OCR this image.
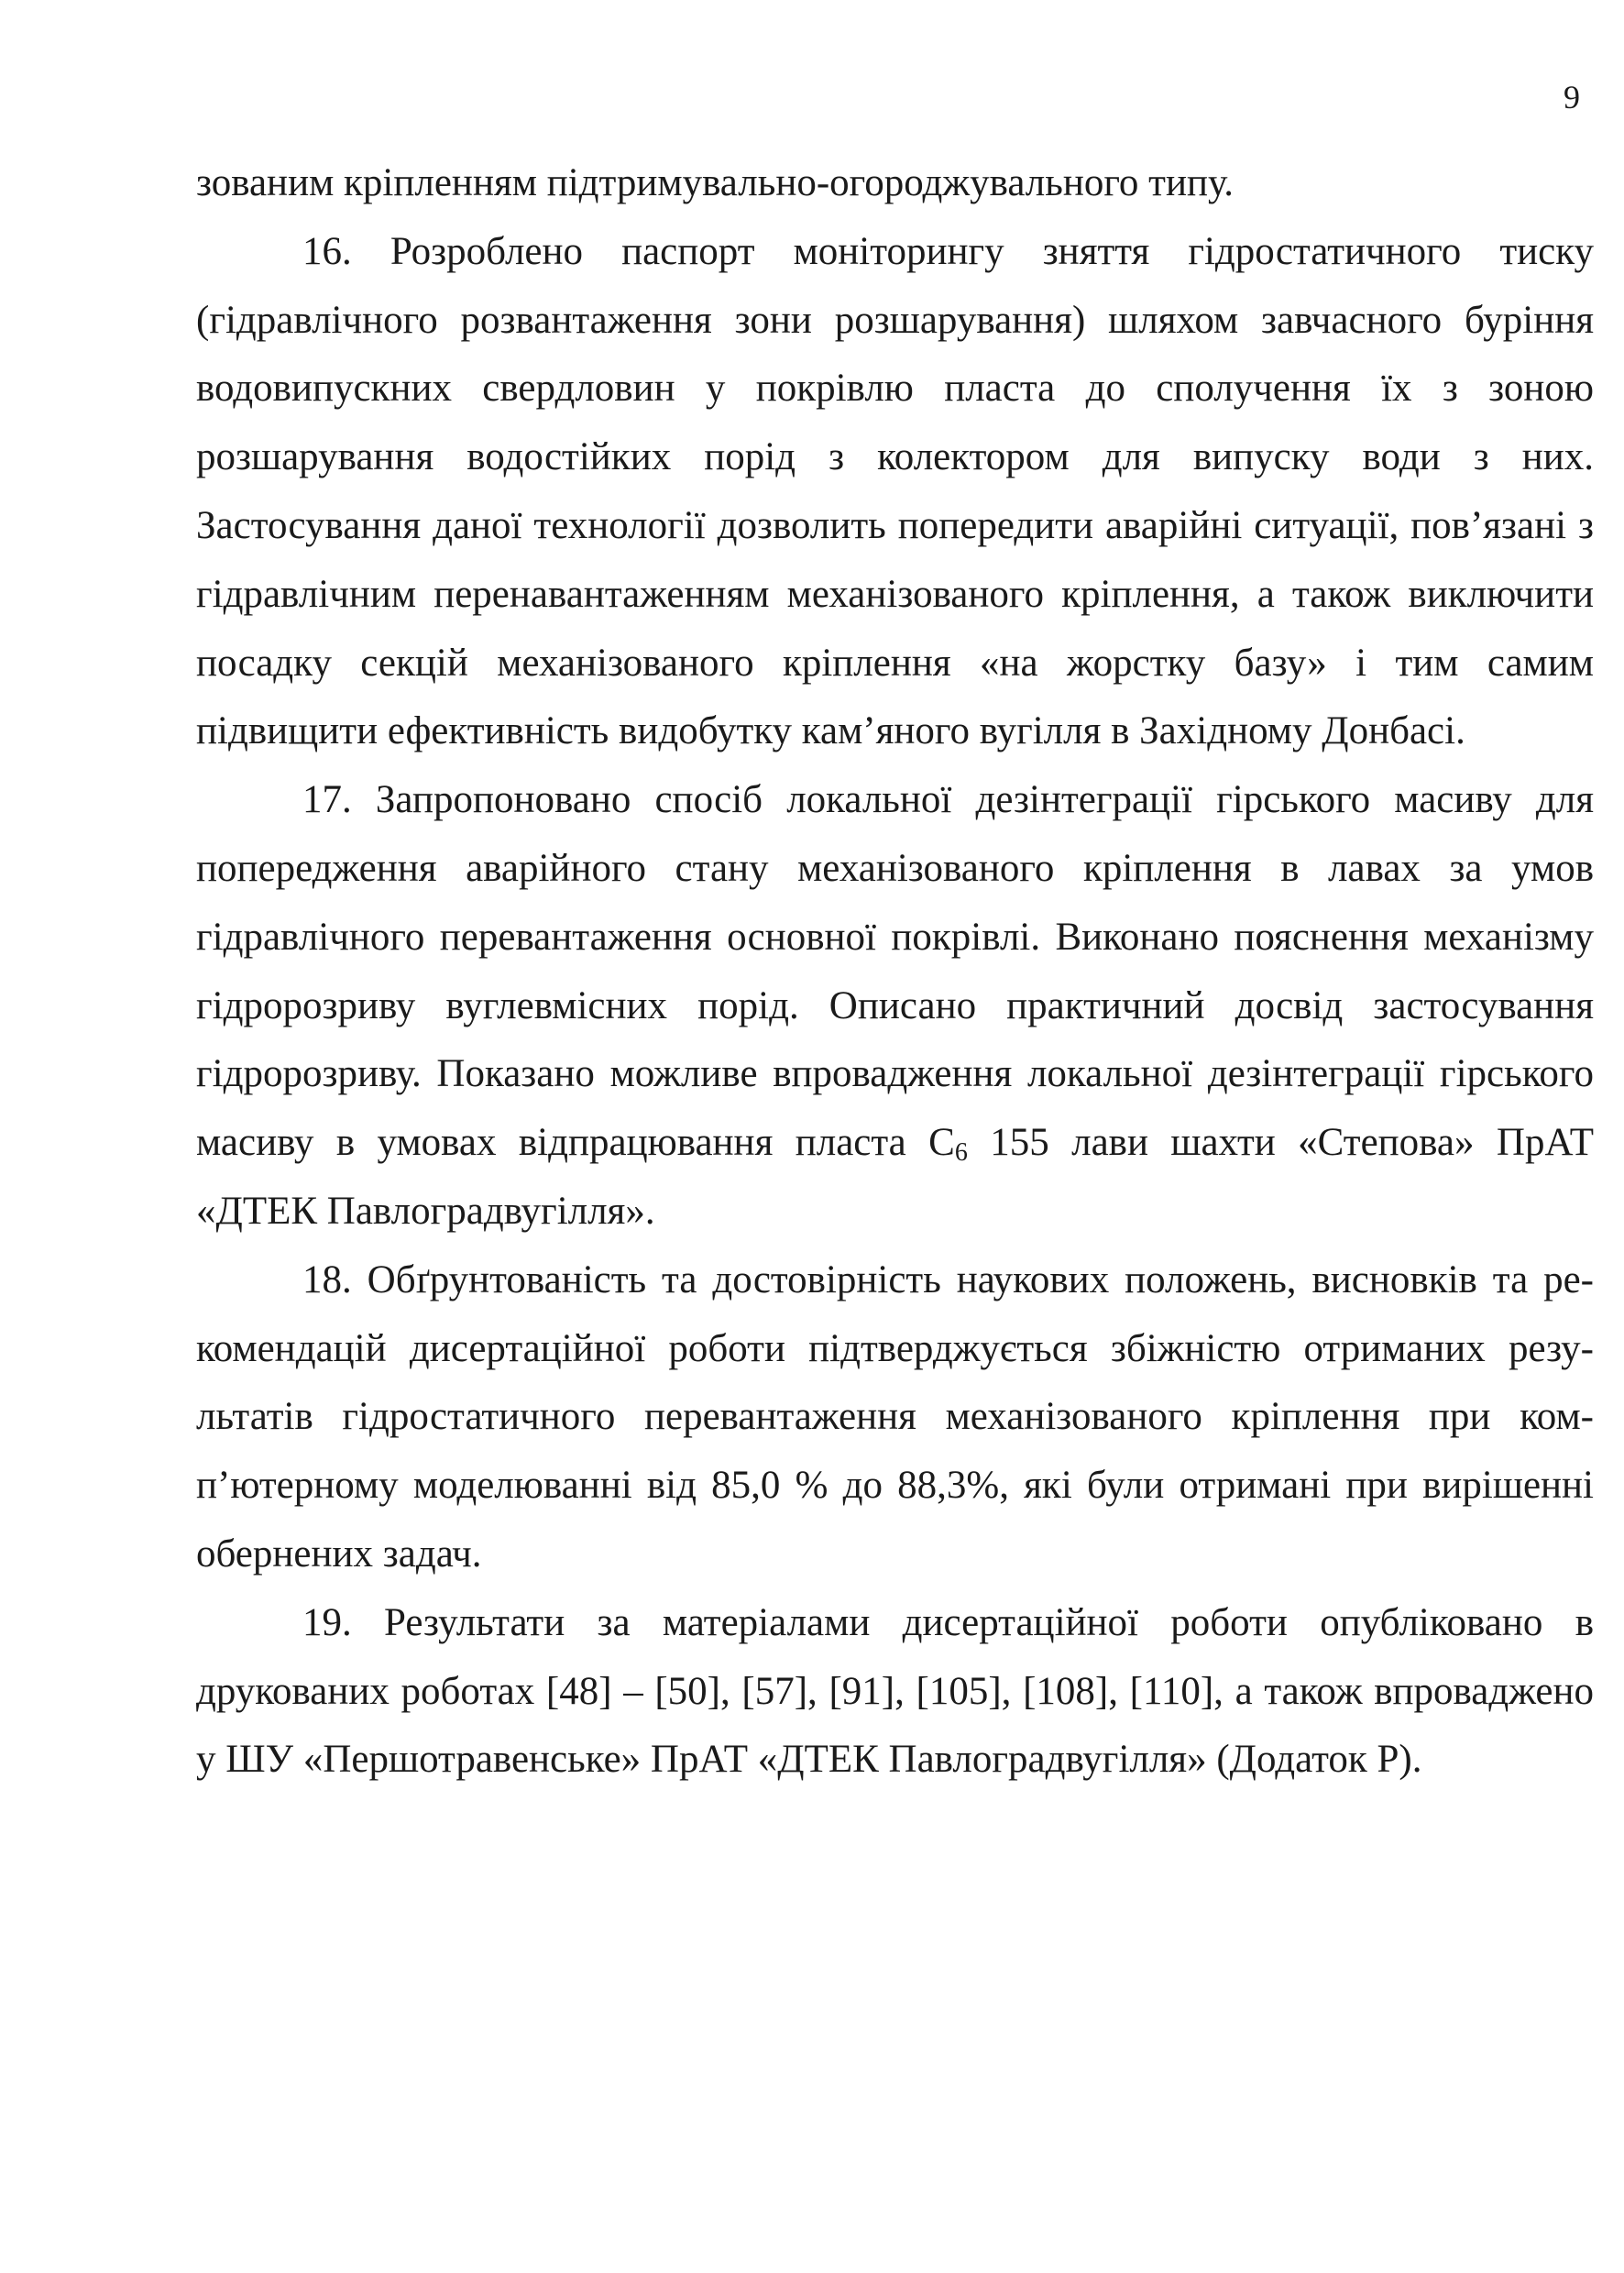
9

зованим кріпленням підтримувально-огороджувального типу.

16. Розроблено паспорт моніторингу зняття гідростатичного тиску (гідравлічного розвантаження зони розшарування) шляхом завчасного буріння водовипускних свердловин у покрівлю пласта до сполучення їх з зоною розшарування водостійких порід з колектором для випуску води з них. Застосування даної технології дозволить попередити аварійні ситуації, пов’язані з гідравлічним перенавантаженням механізованого кріплення, а також виключити посадку секцій механізованого кріплення «на жорстку базу» і тим самим підвищити ефективність видобутку кам’яного вугілля в Західному Донбасі.

17. Запропоновано спосіб локальної дезінтеграції гірського масиву для попередження аварійного стану механізованого кріплення в лавах за умов гідравлічного перевантаження основної покрівлі. Виконано пояснення механізму гідророзриву вуглевмісних порід. Описано практичний досвід застосування гідророзриву. Показано можливе впровадження локальної дезінтеграції гірського масиву в умовах відпрацювання пласта $С_6$ 155 лави шахти «Степова» ПрАТ «ДТЕК Павлоградвугілля».

18. Обґрунтованість та достовірність наукових положень, висновків та рекомендацій дисертаційної роботи підтверджується збіжністю отриманих результатів гідростатичного перевантаження механізованого кріплення при комп’ютерному моделюванні від 85,0 % до 88,3%, які були отримані при вирішенні обернених задач.

19. Результати за матеріалами дисертаційної роботи опубліковано в друкованих роботах [48] – [50], [57], [91], [105], [108], [110], а також впроваджено у ШУ «Першотравенське» ПрАТ «ДТЕК Павлоградвугілля» (Додаток Р).
